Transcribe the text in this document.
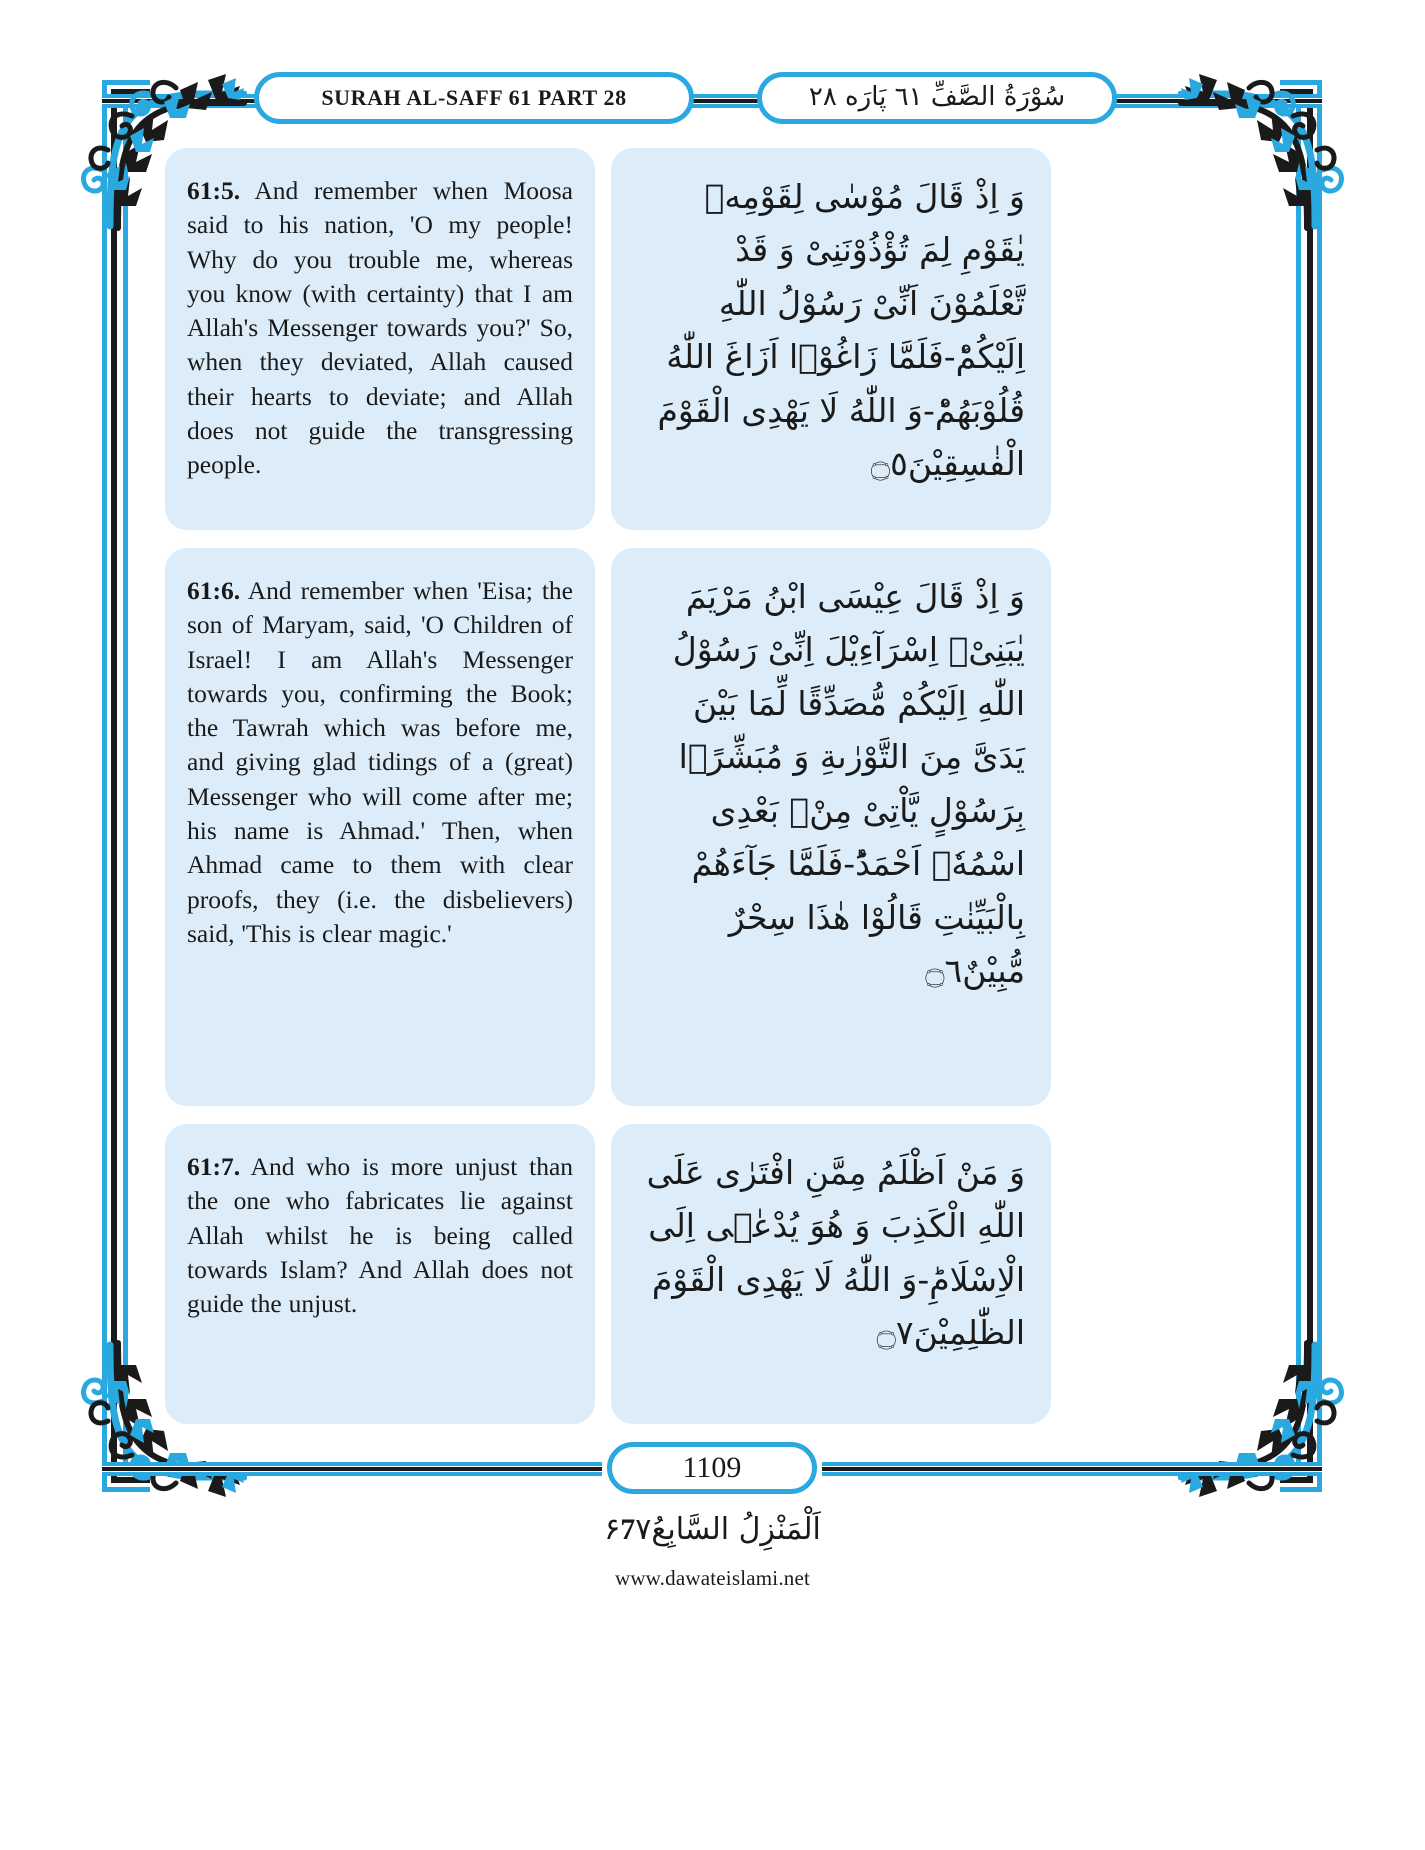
SURAH AL-SAFF 61 PART 28	سُوْرَةُ الصَّفِّ ٦١ پَارَه ٢٨
61:5. And remember when Moosa said to his nation, 'O my people! Why do you trouble me, whereas you know (with certainty) that I am Allah's Messenger towards you?' So, when they deviated, Allah caused their hearts to deviate; and Allah does not guide the transgressing people.
وَ اِذْ قَالَ مُوْسٰى لِقَوْمِهٖ يٰقَوْمِ لِمَ تُؤْذُوْنَنِیْ وَ قَدْ تَّعْلَمُوْنَ اَنِّیْ رَسُوْلُ اللّٰهِ اِلَیْكُمْؕ-فَلَمَّا زَاغُوْۤا اَزَاغَ اللّٰهُ قُلُوْبَهُمْؕ-وَ اللّٰهُ لَا یَهْدِی الْقَوْمَ الْفٰسِقِیْنَ۝٥
61:6. And remember when 'Eisa; the son of Maryam, said, 'O Children of Israel! I am Allah's Messenger towards you, confirming the Book; the Tawrah which was before me, and giving glad tidings of a (great) Messenger who will come after me; his name is Ahmad.' Then, when Ahmad came to them with clear proofs, they (i.e. the disbelievers) said, 'This is clear magic.'
وَ اِذْ قَالَ عِیْسَى ابْنُ مَرْیَمَ یٰبَنِیْۤ اِسْرَآءِیْلَ اِنِّیْ رَسُوْلُ اللّٰهِ اِلَیْكُمْ مُّصَدِّقًا لِّمَا بَیْنَ یَدَیَّ مِنَ التَّوْرٰىةِ وَ مُبَشِّرًۢا بِرَسُوْلٍ یَّاْتِیْ مِنْۢ بَعْدِی اسْمُهٗۤ اَحْمَدُؕ-فَلَمَّا جَآءَهُمْ بِالْبَیِّنٰتِ قَالُوْا هٰذَا سِحْرٌ مُّبِیْنٌ۝٦
61:7. And who is more unjust than the one who fabricates lie against Allah whilst he is being called towards Islam? And Allah does not guide the unjust.
وَ مَنْ اَظْلَمُ مِمَّنِ افْتَرٰى عَلَى اللّٰهِ الْكَذِبَ وَ هُوَ یُدْعٰۤى اِلَى الْاِسْلَامِؕ-وَ اللّٰهُ لَا یَهْدِی الْقَوْمَ الظّٰلِمِیْنَ۝٧
1109
اَلْمَنْزِلُ السَّابِعُ۶7۷
www.dawateislami.net
